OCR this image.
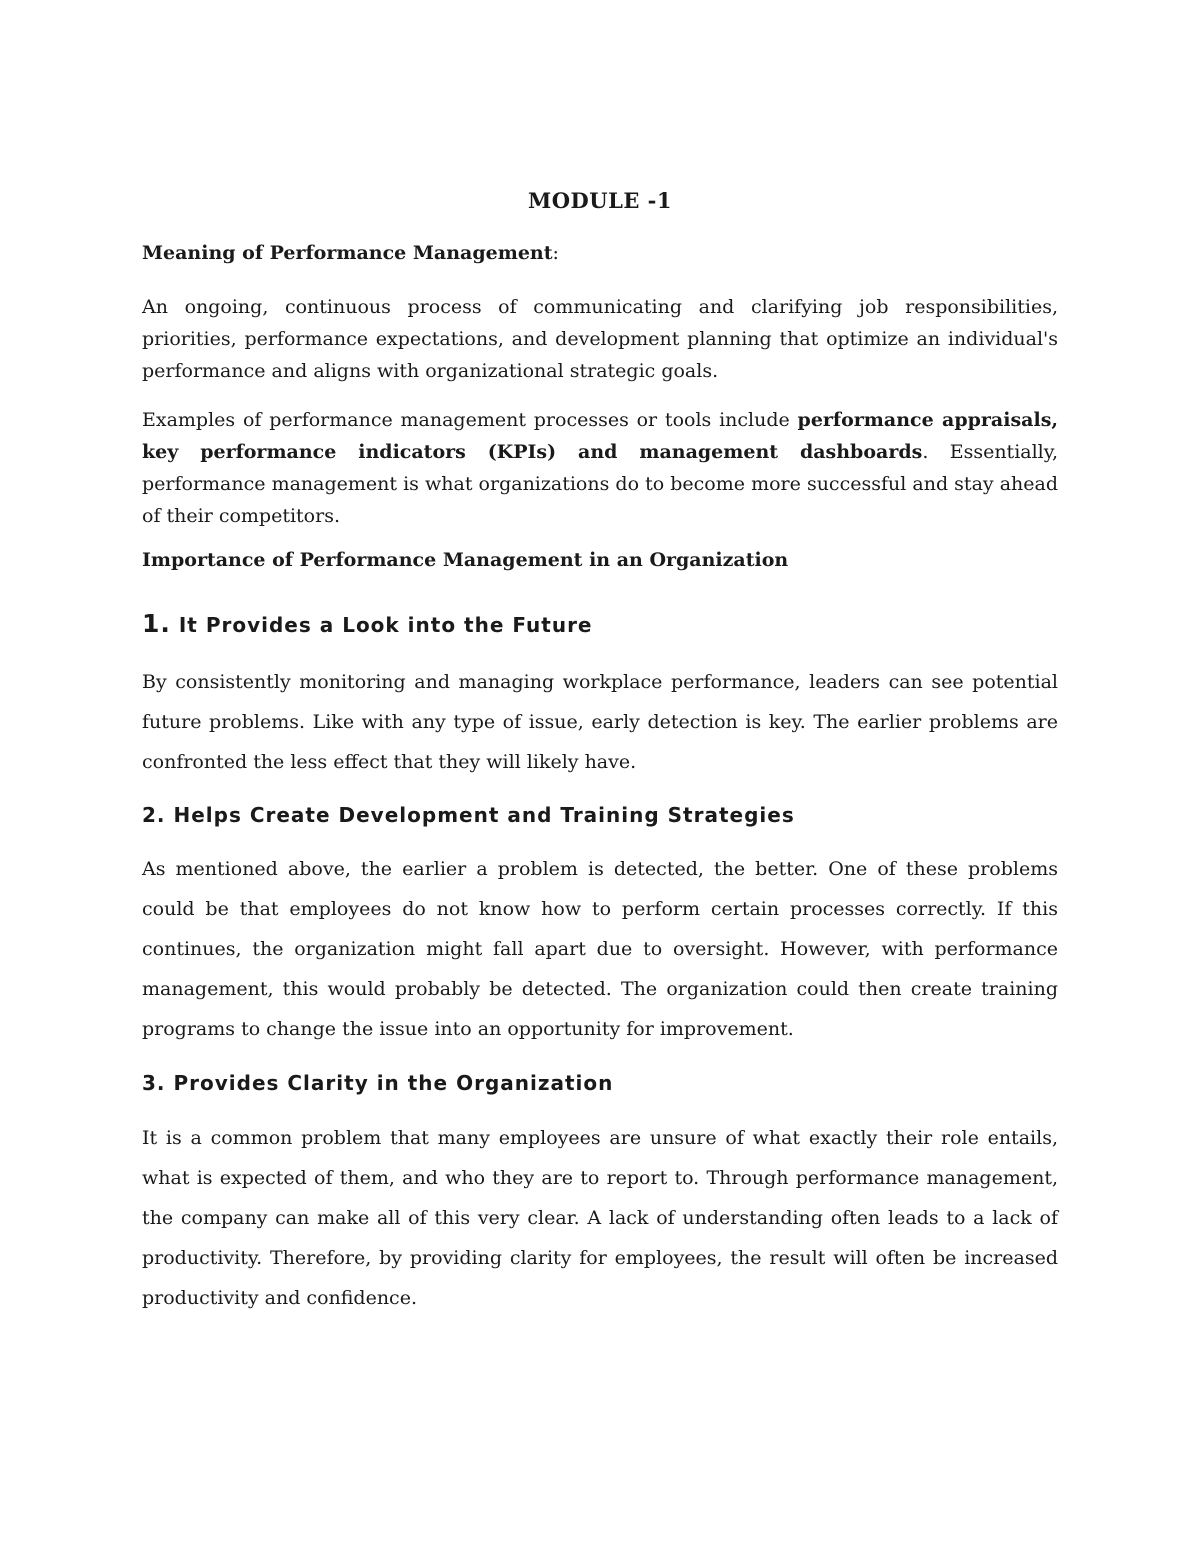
MODULE -1
Meaning of Performance Management:
An ongoing, continuous process of communicating and clarifying job responsibilities, priorities, performance expectations, and development planning that optimize an individual's performance and aligns with organizational strategic goals.
Examples of performance management processes or tools include performance appraisals, key performance indicators (KPIs) and management dashboards. Essentially, performance management is what organizations do to become more successful and stay ahead of their competitors.
Importance of Performance Management in an Organization
1. It Provides a Look into the Future
By consistently monitoring and managing workplace performance, leaders can see potential future problems. Like with any type of issue, early detection is key. The earlier problems are confronted the less effect that they will likely have.
2. Helps Create Development and Training Strategies
As mentioned above, the earlier a problem is detected, the better. One of these problems could be that employees do not know how to perform certain processes correctly. If this continues, the organization might fall apart due to oversight. However, with performance management, this would probably be detected. The organization could then create training programs to change the issue into an opportunity for improvement.
3. Provides Clarity in the Organization
It is a common problem that many employees are unsure of what exactly their role entails, what is expected of them, and who they are to report to. Through performance management, the company can make all of this very clear. A lack of understanding often leads to a lack of productivity. Therefore, by providing clarity for employees, the result will often be increased productivity and confidence.
